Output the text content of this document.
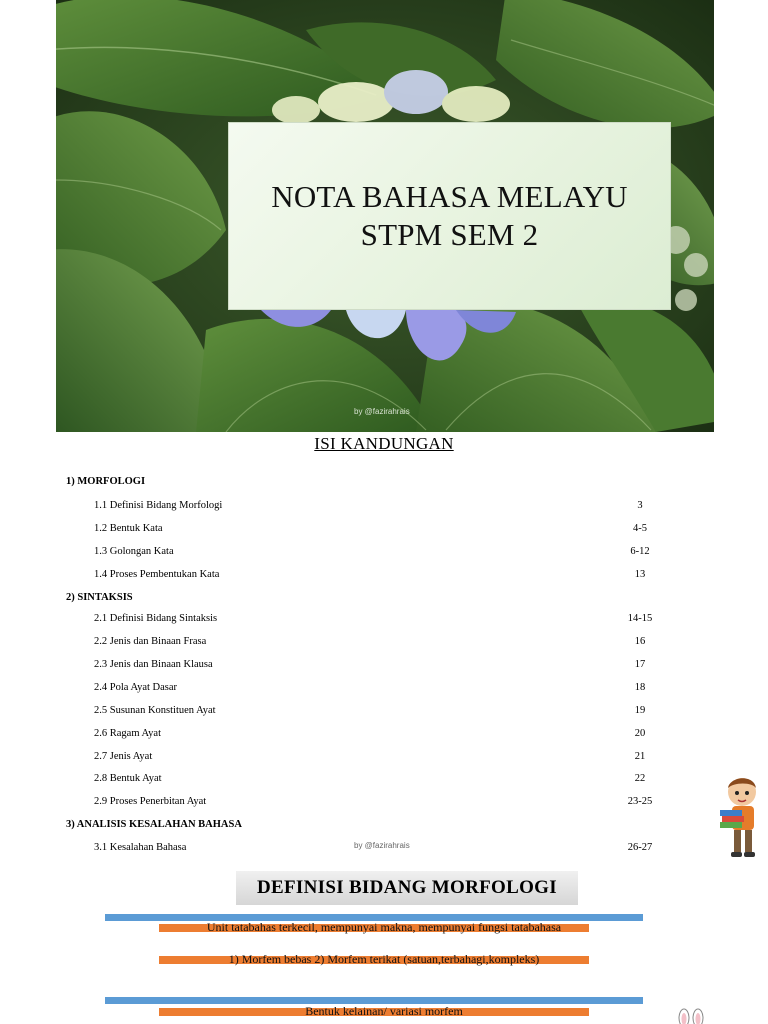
NOTA BAHASA MELAYU
STPM SEM 2
by @fazirahrais
ISI KANDUNGAN
1) MORFOLOGI
1.1 Definisi Bidang Morfologi	3
1.2 Bentuk Kata	4-5
1.3 Golongan Kata	6-12
1.4 Proses Pembentukan Kata	13
2) SINTAKSIS
2.1 Definisi Bidang Sintaksis	14-15
2.2 Jenis dan Binaan Frasa	16
2.3 Jenis dan Binaan Klausa	17
2.4 Pola Ayat Dasar	18
2.5 Susunan Konstituen Ayat	19
2.6 Ragam Ayat	20
2.7 Jenis Ayat	21
2.8 Bentuk Ayat	22
2.9 Proses Penerbitan Ayat	23-25
3) ANALISIS KESALAHAN BAHASA
3.1 Kesalahan Bahasa	26-27
by @fazirahrais
DEFINISI BIDANG MORFOLOGI
Unit tatabahas terkecil, mempunyai makna, mempunyai fungsi tatabahasa
1) Morfem bebas 2) Morfem terikat (satuan,terbahagi,kompleks)
Bentuk kelainan/ variasi morfem
